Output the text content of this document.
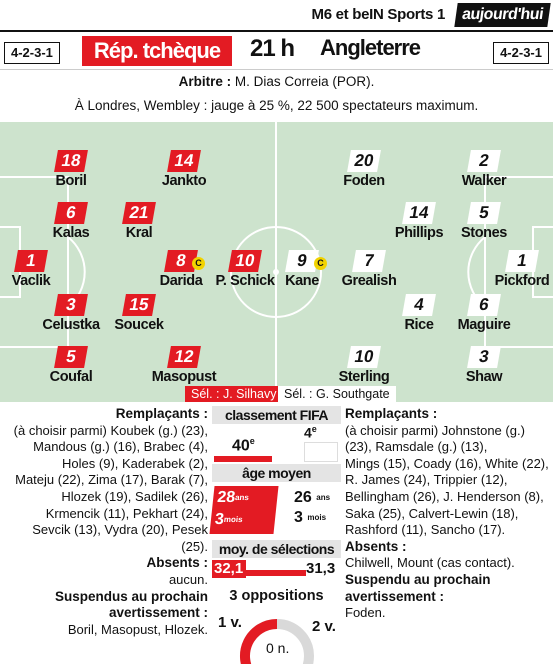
M6 et beIN Sports 1 aujourd'hui
4-2-3-1	Rép. tchèque	21 h Angleterre	4-2-3-1
Arbitre : M. Dias Correia (POR).
À Londres, Wembley : jauge à 25 %, 22 500 spectateurs maximum.
18
Boril
14
Jankto
6
Kalas
21
Kral
1
Vaclik
8
Darida
C	10
P. Schick
3
Celustka
15
Soucek
5
Coufal
12
Masopust
20
Foden
2
Walker
14
Phillips
5
Stones
9
Kane
C	7
Grealish
1
Pickford
4
Rice
6
Maguire
10
Sterling
3
Shaw
Sél. : J. Silhavy Sél. : G. Southgate
Remplaçants :
(à choisir parmi) Koubek (g.) (23),
Mandous (g.) (16), Brabec (4),
Holes (9), Kaderabek (2),
Mateju (22), Zima (17), Barak (7),
Hlozek (19), Sadilek (26),
Krmencik (11), Pekhart (24),
Sevcik (13), Vydra (20), Pesek (25).
Absents :
aucun.
Suspendus au prochain
avertissement :
Boril, Masopust, Hlozek.
Remplaçants :
(à choisir parmi) Johnstone (g.)
(23), Ramsdale (g.) (13),
Mings (15), Coady (16), White (22),
R. James (24), Trippier (12),
Bellingham (26), J. Henderson (8),
Saka (25), Calvert-Lewin (18),
Rashford (11), Sancho (17).
Absents :
Chilwell, Mount (cas contact).
Suspendu au prochain
avertissement :
Foden.
classement FIFA
40e
4e
âge moyen
$28^{ans}$
$3^{mois}$
26 $^{ans}$
3 $^{mois}$
moy. de sélections
32,1	31,3
3 oppositions
1 v.	2 v.
0 n.
